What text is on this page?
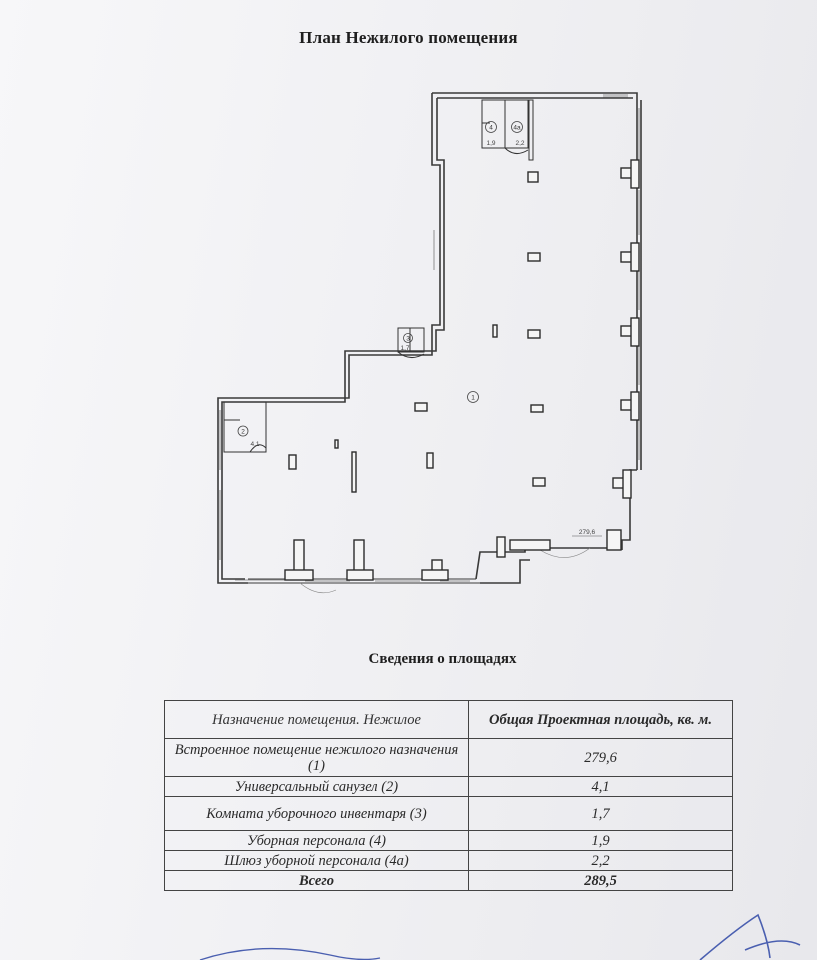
План Нежилого помещения
4	4а
1
2
3
1,9	2,2
279,6
4,1
1,7
Сведения о площадях
Назначение помещения. Нежилое	Общая Проектная площадь, кв. м.
Встроенное помещение нежилого назначения (1)	279,6
Универсальный санузел (2)	4,1
Комната уборочного инвентаря (3)	1,7
Уборная персонала (4)	1,9
Шлюз уборной персонала (4а)	2,2
Всего	289,5
